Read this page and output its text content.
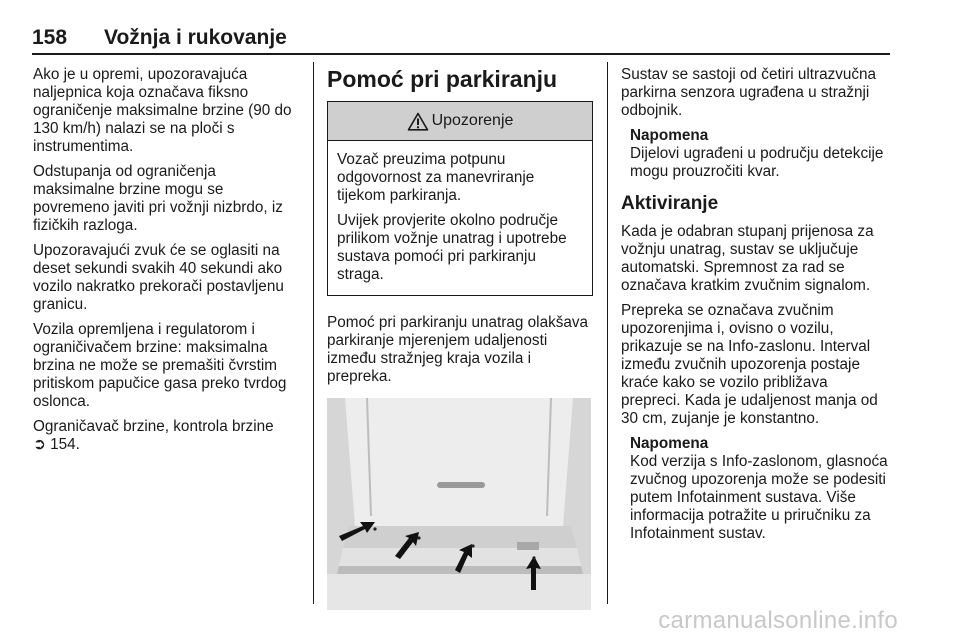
158 Vožnja i rukovanje

Ako je u opremi, upozoravajuća naljepnica koja označava fiksno ograničenje maksimalne brzine (90 do 130 km/h) nalazi se na ploči s instrumentima.

Odstupanja od ograničenja maksimalne brzine mogu se povremeno javiti pri vožnji nizbrdo, iz fizičkih razloga.

Upozoravajući zvuk će se oglasiti na deset sekundi svakih 40 sekundi ako vozilo nakratko prekorači postavljenu granicu.

Vozila opremljena i regulatorom i ograničivačem brzine: maksimalna brzina ne može se premašiti čvrstim pritiskom papučice gasa preko tvrdog oslonca.

Ograničavač brzine, kontrola brzine
➲ 154.

Pomoć pri parkiranju
Upozorenje

Vozač preuzima potpunu odgovornost za manevriranje tijekom parkiranja.

Uvijek provjerite okolno područje prilikom vožnje unatrag i upotrebe sustava pomoći pri parkiranju straga.

Pomoć pri parkiranju unatrag olakšava parkiranje mjerenjem udaljenosti između stražnjeg kraja vozila i prepreka.

Sustav se sastoji od četiri ultrazvučna parkirna senzora ugrađena u stražnji odbojnik.

Napomena
Dijelovi ugrađeni u području detekcije mogu prouzročiti kvar.
Aktiviranje

Kada je odabran stupanj prijenosa za vožnju unatrag, sustav se uključuje automatski. Spremnost za rad se označava kratkim zvučnim signalom.

Prepreka se označava zvučnim upozorenjima i, ovisno o vozilu, prikazuje se na Info-zaslonu. Interval između zvučnih upozorenja postaje kraće kako se vozilo približava prepreci. Kada je udaljenost manja od 30 cm, zujanje je konstantno.

Napomena
Kod verzija s Info-zaslonom, glasnoća zvučnog upozorenja može se podesiti putem Infotainment sustava. Više informacija potražite u priručniku za Infotainment sustav.
carmanualsonline.info
